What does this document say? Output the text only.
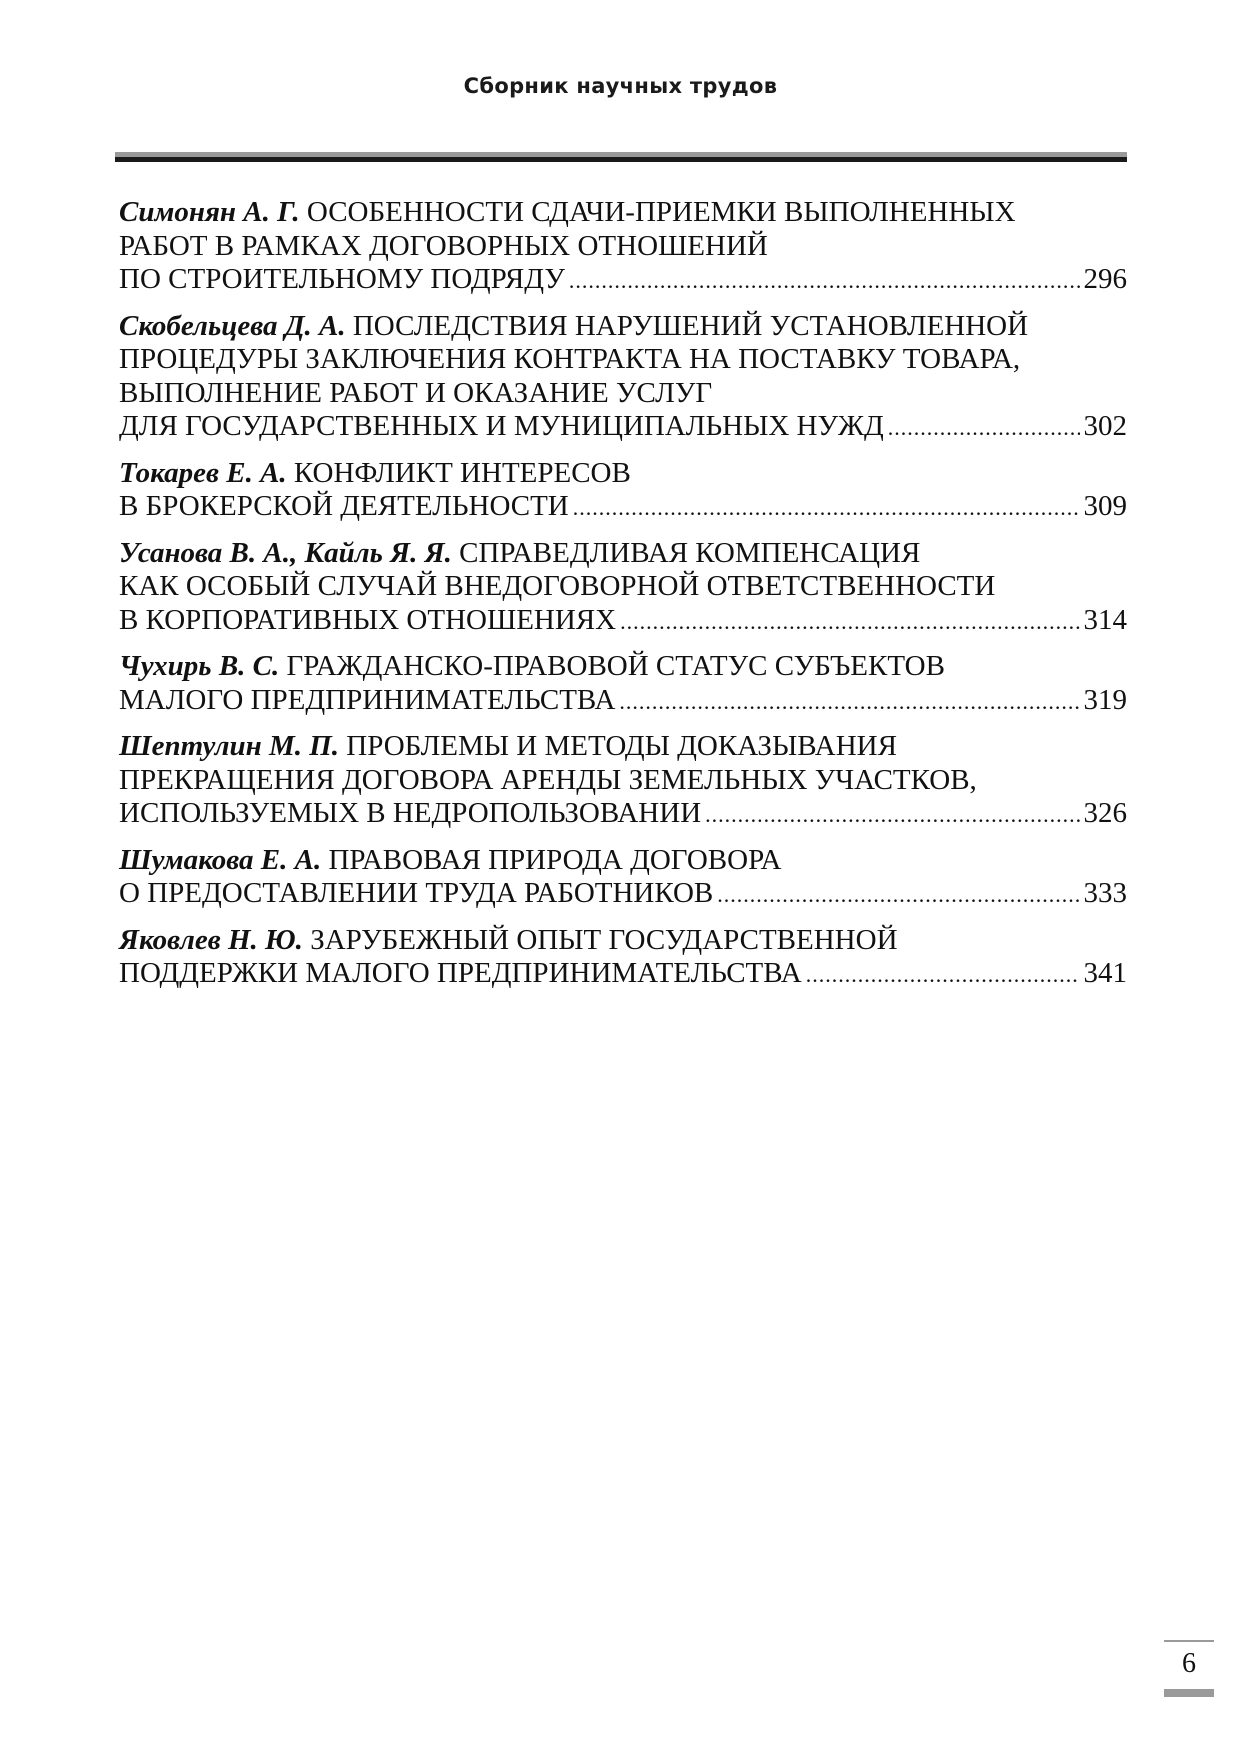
Сборник научных трудов
Симонян А. Г. ОСОБЕННОСТИ СДАЧИ-ПРИЕМКИ ВЫПОЛНЕННЫХ
РАБОТ В РАМКАХ ДОГОВОРНЫХ ОТНОШЕНИЙ
ПО СТРОИТЕЛЬНОМУ ПОДРЯДУ .....	296
Скобельцева Д. А. ПОСЛЕДСТВИЯ НАРУШЕНИЙ УСТАНОВЛЕННОЙ
ПРОЦЕДУРЫ ЗАКЛЮЧЕНИЯ КОНТРАКТА НА ПОСТАВКУ ТОВАРА,
ВЫПОЛНЕНИЕ РАБОТ И ОКАЗАНИЕ УСЛУГ
ДЛЯ ГОСУДАРСТВЕННЫХ И МУНИЦИПАЛЬНЫХ НУЖД .....	302
Токарев Е. А. КОНФЛИКТ ИНТЕРЕСОВ
В БРОКЕРСКОЙ ДЕЯТЕЛЬНОСТИ .....	309
Усанова В. А., Кайль Я. Я. СПРАВЕДЛИВАЯ КОМПЕНСАЦИЯ
КАК ОСОБЫЙ СЛУЧАЙ ВНЕДОГОВОРНОЙ ОТВЕТСТВЕННОСТИ
В КОРПОРАТИВНЫХ ОТНОШЕНИЯХ .....	314
Чухирь В. С. ГРАЖДАНСКО-ПРАВОВОЙ СТАТУС СУБЪЕКТОВ
МАЛОГО ПРЕДПРИНИМАТЕЛЬСТВА .....	319
Шептулин М. П. ПРОБЛЕМЫ И МЕТОДЫ ДОКАЗЫВАНИЯ
ПРЕКРАЩЕНИЯ ДОГОВОРА АРЕНДЫ ЗЕМЕЛЬНЫХ УЧАСТКОВ,
ИСПОЛЬЗУЕМЫХ В НЕДРОПОЛЬЗОВАНИИ .....	326
Шумакова Е. А. ПРАВОВАЯ ПРИРОДА ДОГОВОРА
О ПРЕДОСТАВЛЕНИИ ТРУДА РАБОТНИКОВ .....	333
Яковлев Н. Ю. ЗАРУБЕЖНЫЙ ОПЫТ ГОСУДАРСТВЕННОЙ
ПОДДЕРЖКИ МАЛОГО ПРЕДПРИНИМАТЕЛЬСТВА .....	341
6
